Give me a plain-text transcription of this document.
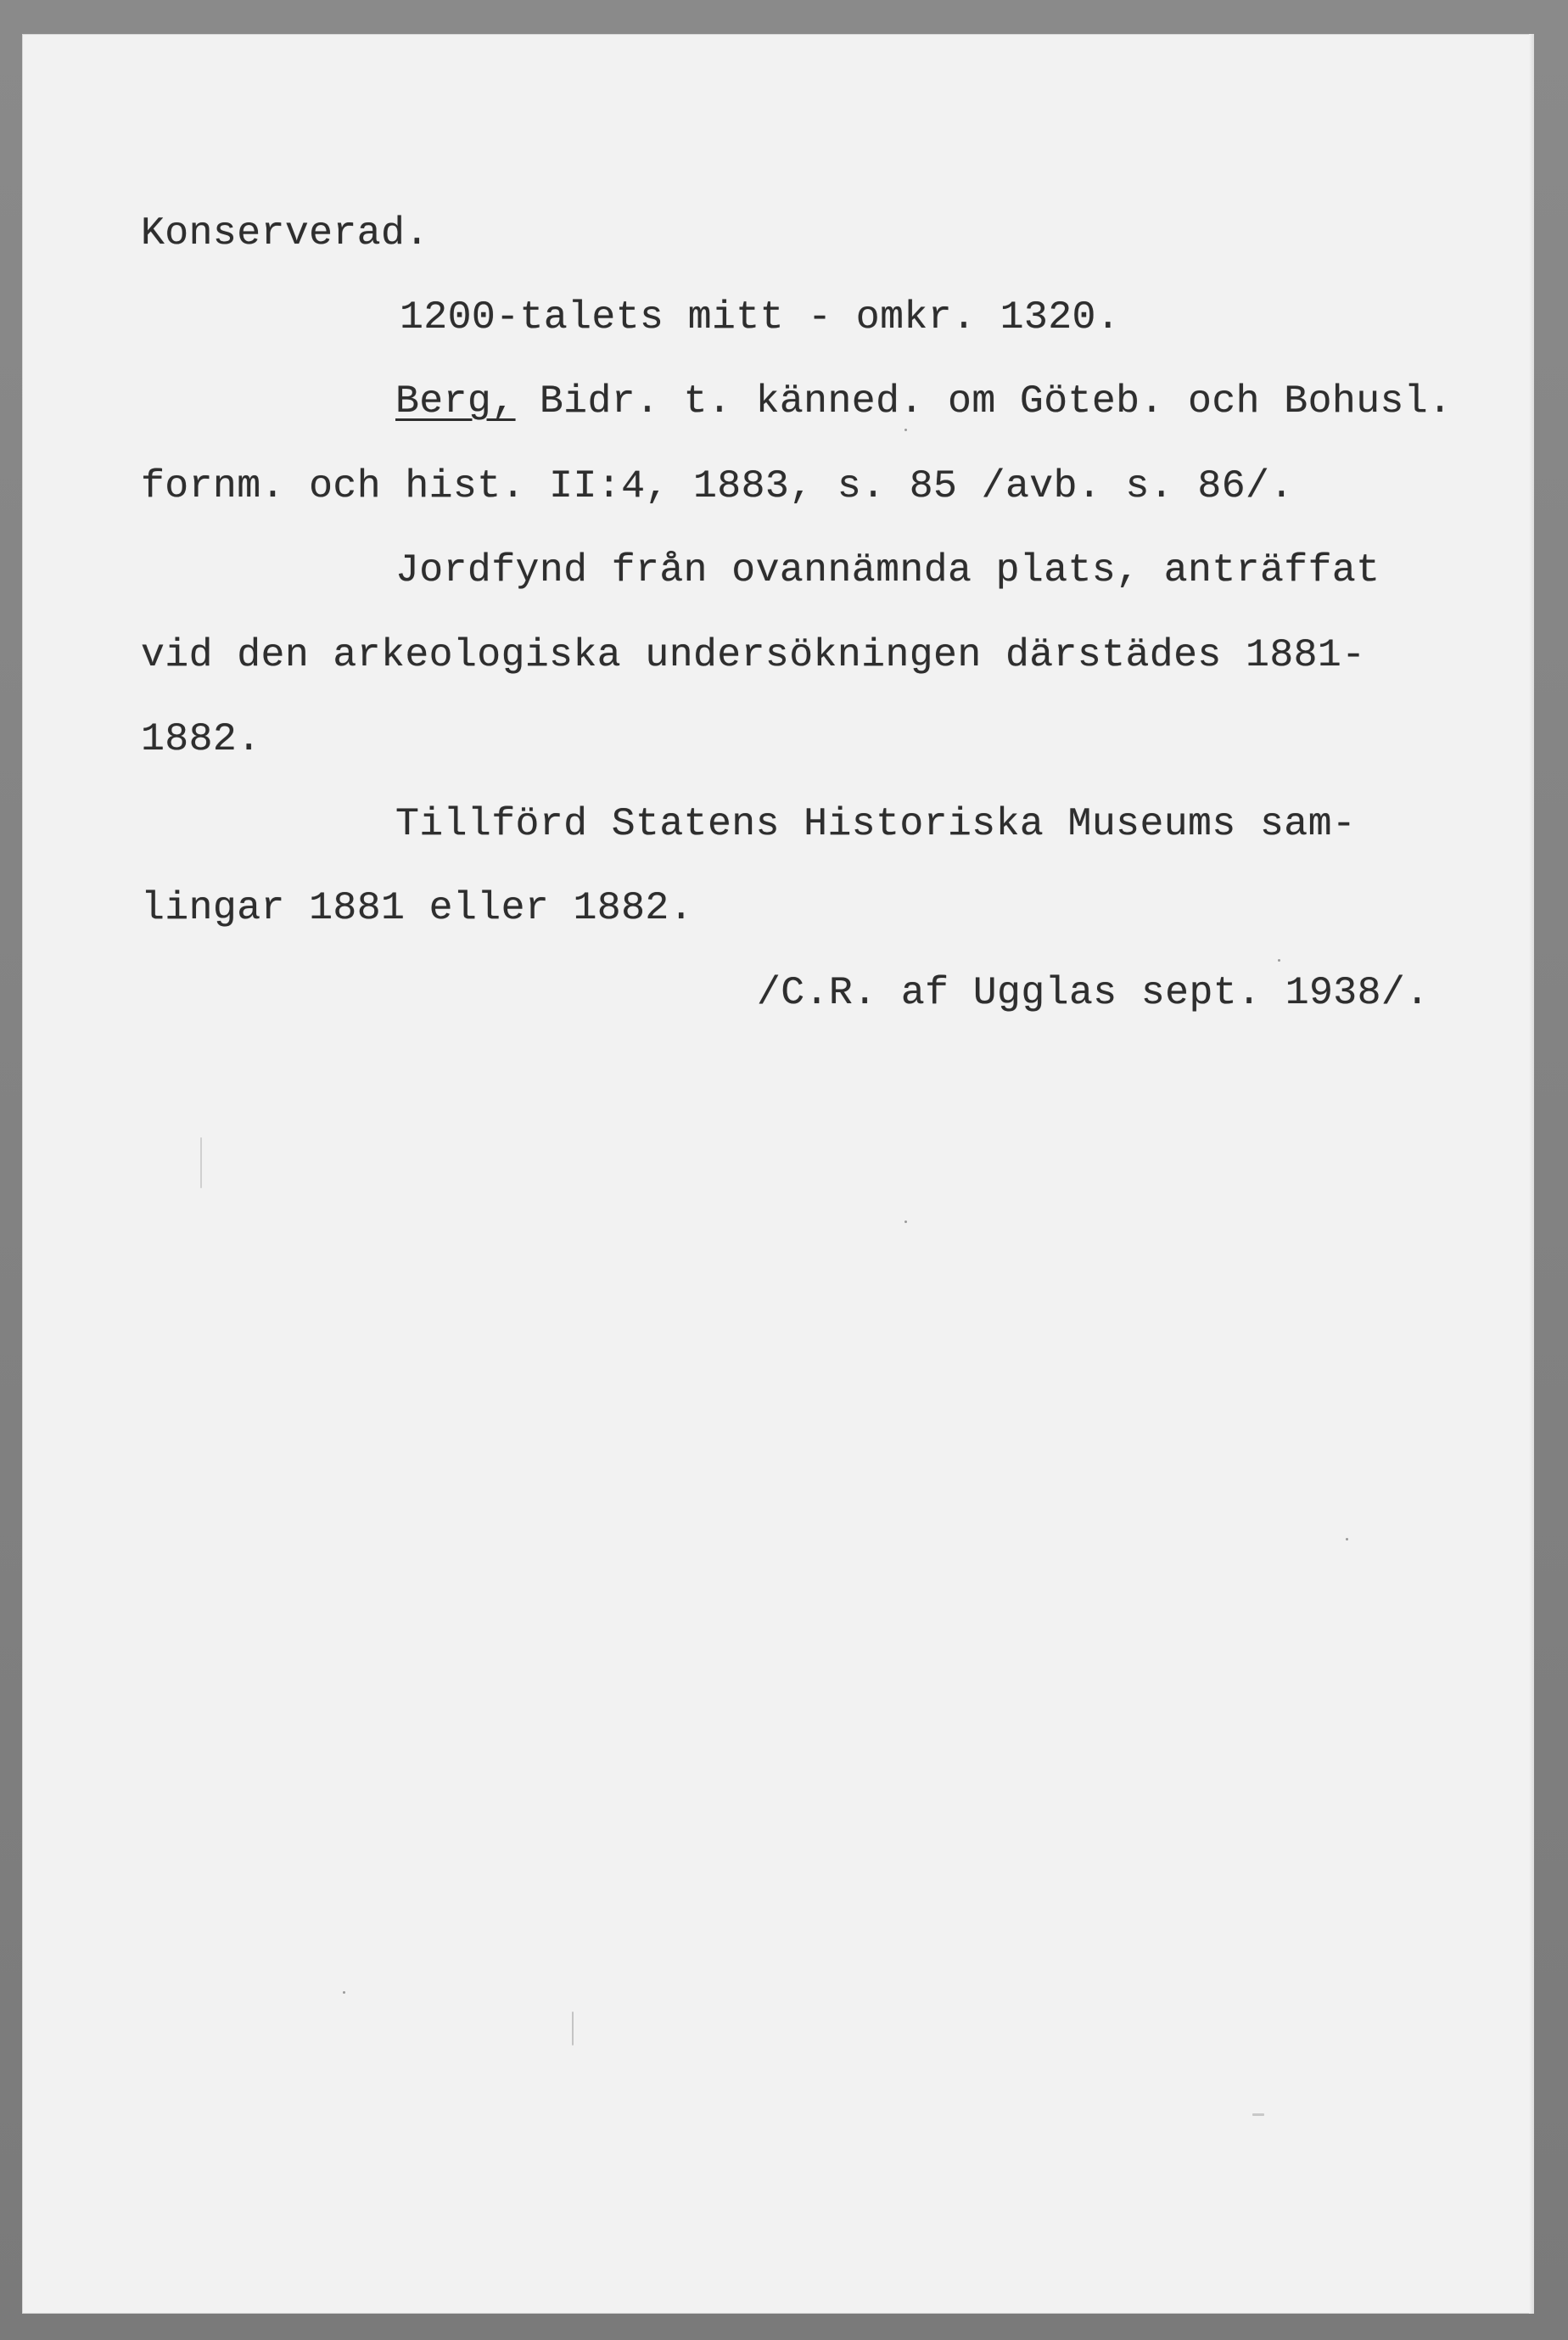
Konserverad.

1200-talets mitt - omkr. 1320.

Berg, Bidr. t. känned. om Göteb. och Bohusl.

fornm. och hist. II:4, 1883, s. 85 /avb. s. 86/.

Jordfynd från ovannämnda plats, anträffat

vid den arkeologiska undersökningen därstädes 1881-

1882.

Tillförd Statens Historiska Museums sam-

lingar 1881 eller 1882.

/C.R. af Ugglas sept. 1938/.
